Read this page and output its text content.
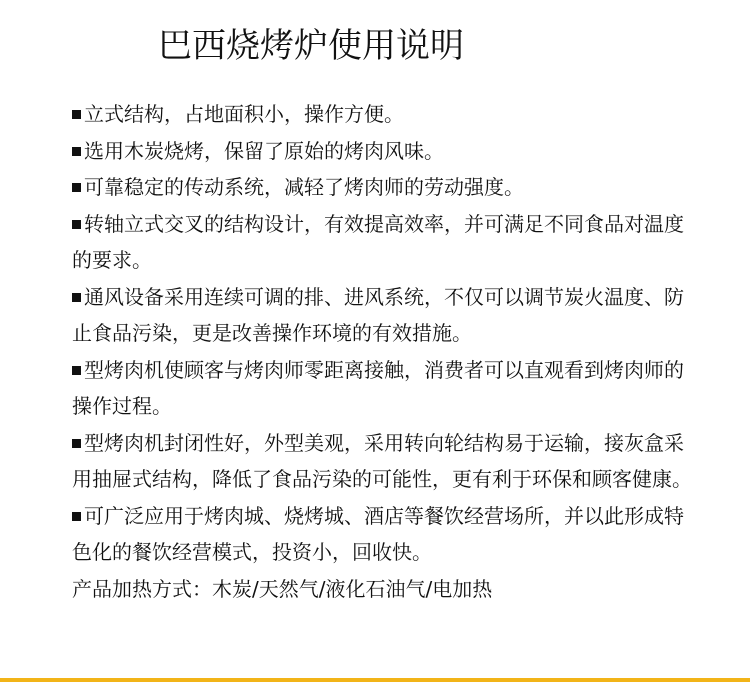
巴西烧烤炉使用说明
立式结构，占地面积小，操作方便。
选用木炭烧烤，保留了原始的烤肉风味。
可靠稳定的传动系统，减轻了烤肉师的劳动强度。
转轴立式交叉的结构设计，有效提高效率，并可满足不同食品对温度的要求。
通风设备采用连续可调的排、进风系统，不仅可以调节炭火温度、防止食品污染，更是改善操作环境的有效措施。
型烤肉机使顾客与烤肉师零距离接触，消费者可以直观看到烤肉师的操作过程。
型烤肉机封闭性好，外型美观，采用转向轮结构易于运输，接灰盒采用抽屉式结构，降低了食品污染的可能性，更有利于环保和顾客健康。
可广泛应用于烤肉城、烧烤城、酒店等餐饮经营场所，并以此形成特色化的餐饮经营模式，投资小，回收快。

产品加热方式：木炭/天然气/液化石油气/电加热
